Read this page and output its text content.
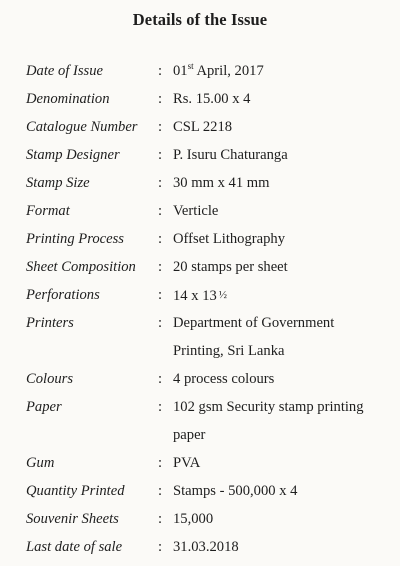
Details of the Issue
Date of Issue	: 01st April, 2017
Denomination	: Rs. 15.00 x 4
Catalogue Number : CSL 2218
Stamp Designer	: P. Isuru Chaturanga
Stamp Size	: 30 mm x 41 mm
Format	: Verticle
Printing Process : Offset Lithography
Sheet Composition : 20 stamps per sheet
Perforations	: 14 x 13 ½
Printers	: Department of Government
Printing, Sri Lanka
Colours	: 4 process colours
Paper	: 102 gsm Security stamp printing
paper
Gum	: PVA
Quantity Printed : Stamps - 500,000 x 4
Souvenir Sheets	: 15,000
Last date of sale : 31.03.2018
